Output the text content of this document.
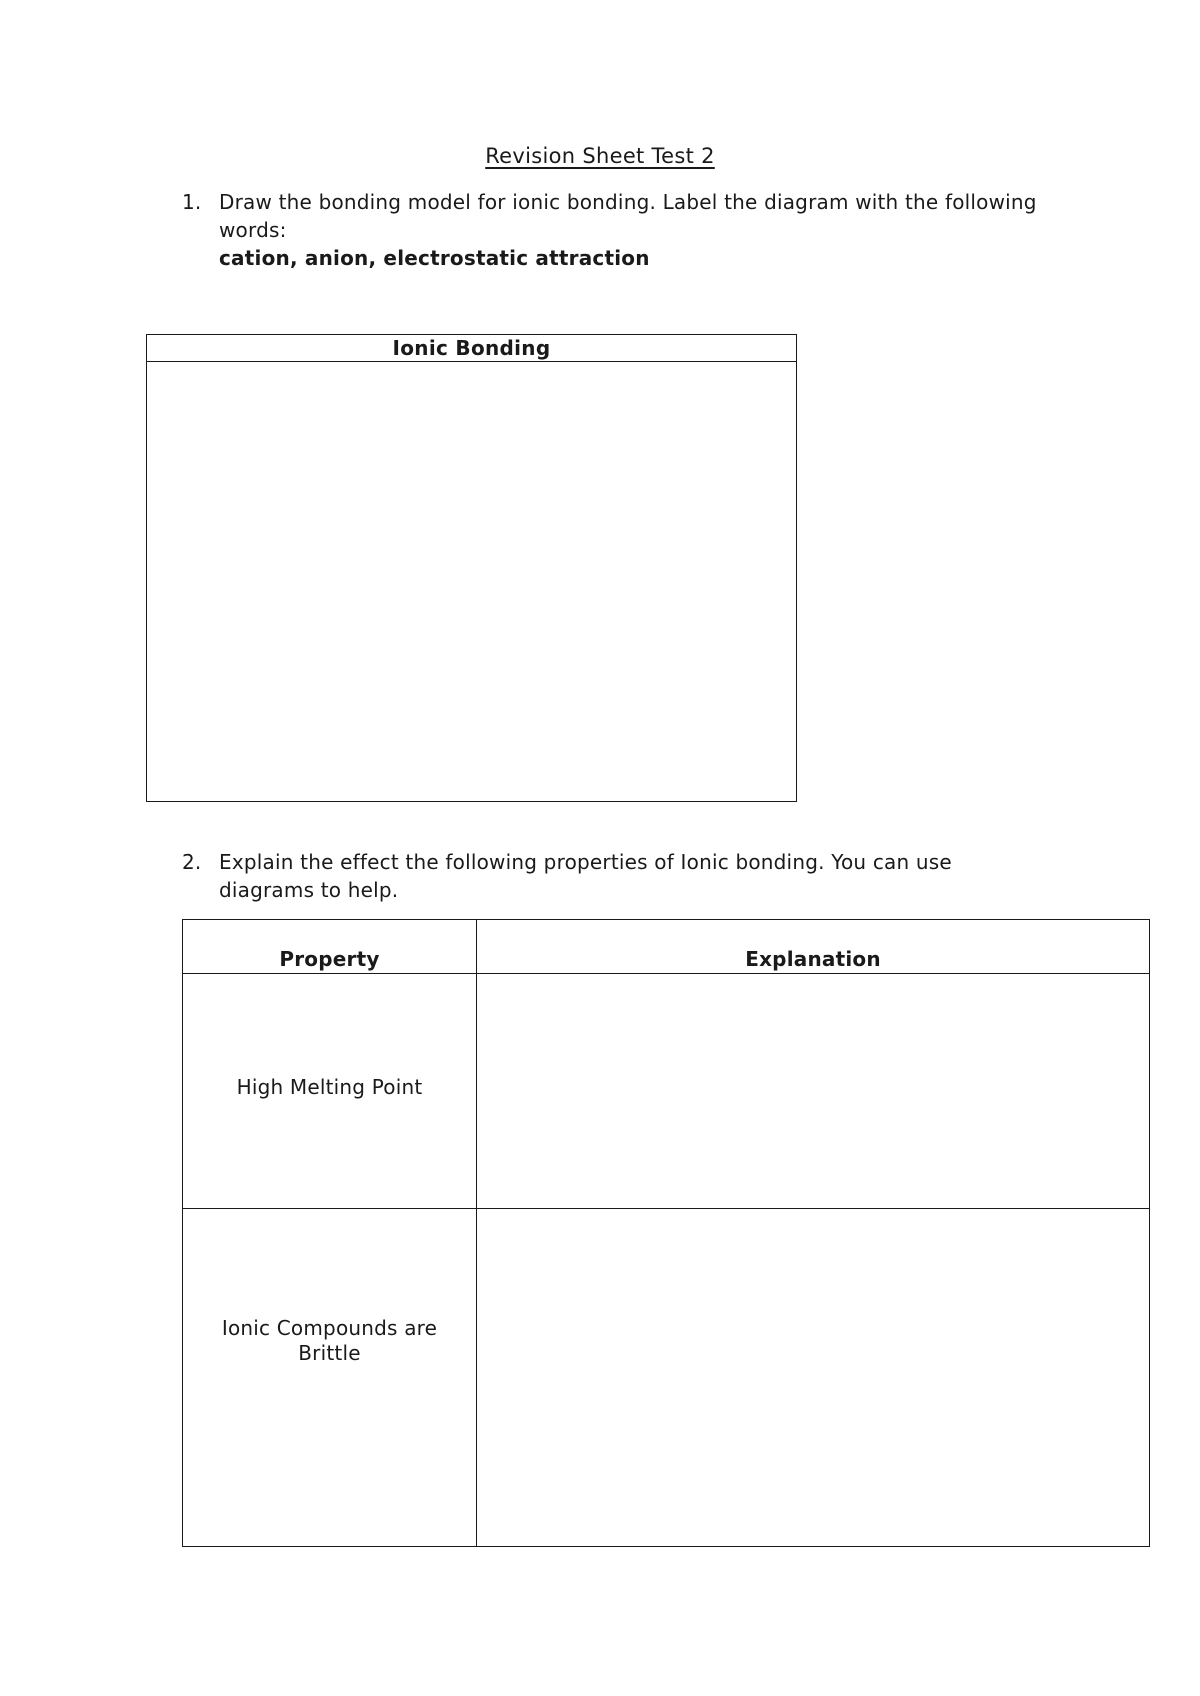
Revision Sheet Test 2
1. Draw the bonding model for ionic bonding. Label the diagram with the following words:
cation, anion, electrostatic attraction
Ionic Bonding
2. Explain the effect the following properties of Ionic bonding. You can use diagrams to help.
Property	Explanation

High Melting Point	

Ionic Compounds are Brittle	
